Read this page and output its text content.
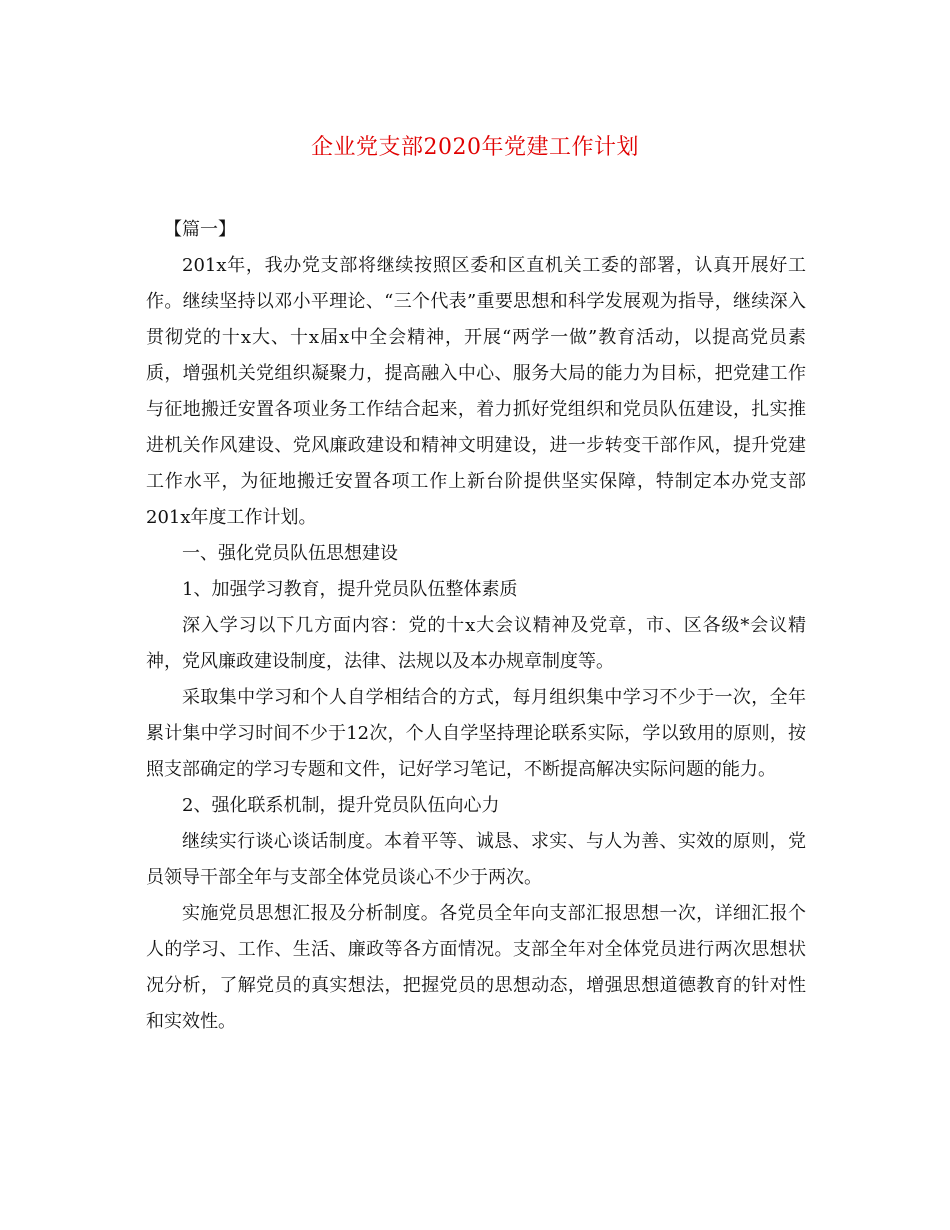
企业党支部2020年党建工作计划

【篇一】

201x年，我办党支部将继续按照区委和区直机关工委的部署，认真开展好工作。继续坚持以邓小平理论、“三个代表”重要思想和科学发展观为指导，继续深入贯彻党的十x大、十x届x中全会精神，开展“两学一做”教育活动，以提高党员素质，增强机关党组织凝聚力，提高融入中心、服务大局的能力为目标，把党建工作与征地搬迁安置各项业务工作结合起来，着力抓好党组织和党员队伍建设，扎实推进机关作风建设、党风廉政建设和精神文明建设，进一步转变干部作风，提升党建工作水平，为征地搬迁安置各项工作上新台阶提供坚实保障，特制定本办党支部201x年度工作计划。

一、强化党员队伍思想建设

1、加强学习教育，提升党员队伍整体素质

深入学习以下几方面内容：党的十x大会议精神及党章，市、区各级*会议精神，党风廉政建设制度，法律、法规以及本办规章制度等。

采取集中学习和个人自学相结合的方式，每月组织集中学习不少于一次，全年累计集中学习时间不少于12次，个人自学坚持理论联系实际，学以致用的原则，按照支部确定的学习专题和文件，记好学习笔记，不断提高解决实际问题的能力。

2、强化联系机制，提升党员队伍向心力

继续实行谈心谈话制度。本着平等、诚恳、求实、与人为善、实效的原则，党员领导干部全年与支部全体党员谈心不少于两次。

实施党员思想汇报及分析制度。各党员全年向支部汇报思想一次，详细汇报个人的学习、工作、生活、廉政等各方面情况。支部全年对全体党员进行两次思想状况分析，了解党员的真实想法，把握党员的思想动态，增强思想道德教育的针对性和实效性。
